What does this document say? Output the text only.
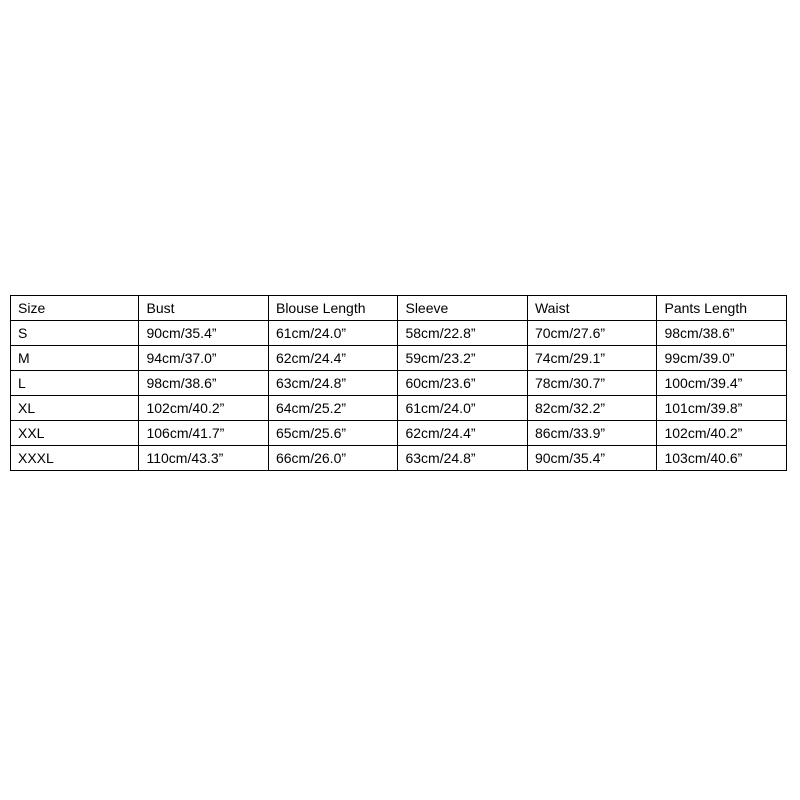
Size	Bust	Blouse Length	Sleeve	Waist	Pants Length
S	90cm/35.4”	61cm/24.0”	58cm/22.8”	70cm/27.6”	98cm/38.6”
M	94cm/37.0”	62cm/24.4”	59cm/23.2”	74cm/29.1”	99cm/39.0”
L	98cm/38.6”	63cm/24.8”	60cm/23.6”	78cm/30.7”	100cm/39.4”
XL	102cm/40.2”	64cm/25.2”	61cm/24.0”	82cm/32.2”	101cm/39.8”
XXL	106cm/41.7”	65cm/25.6”	62cm/24.4”	86cm/33.9”	102cm/40.2”
XXXL	110cm/43.3”	66cm/26.0”	63cm/24.8”	90cm/35.4”	103cm/40.6”
